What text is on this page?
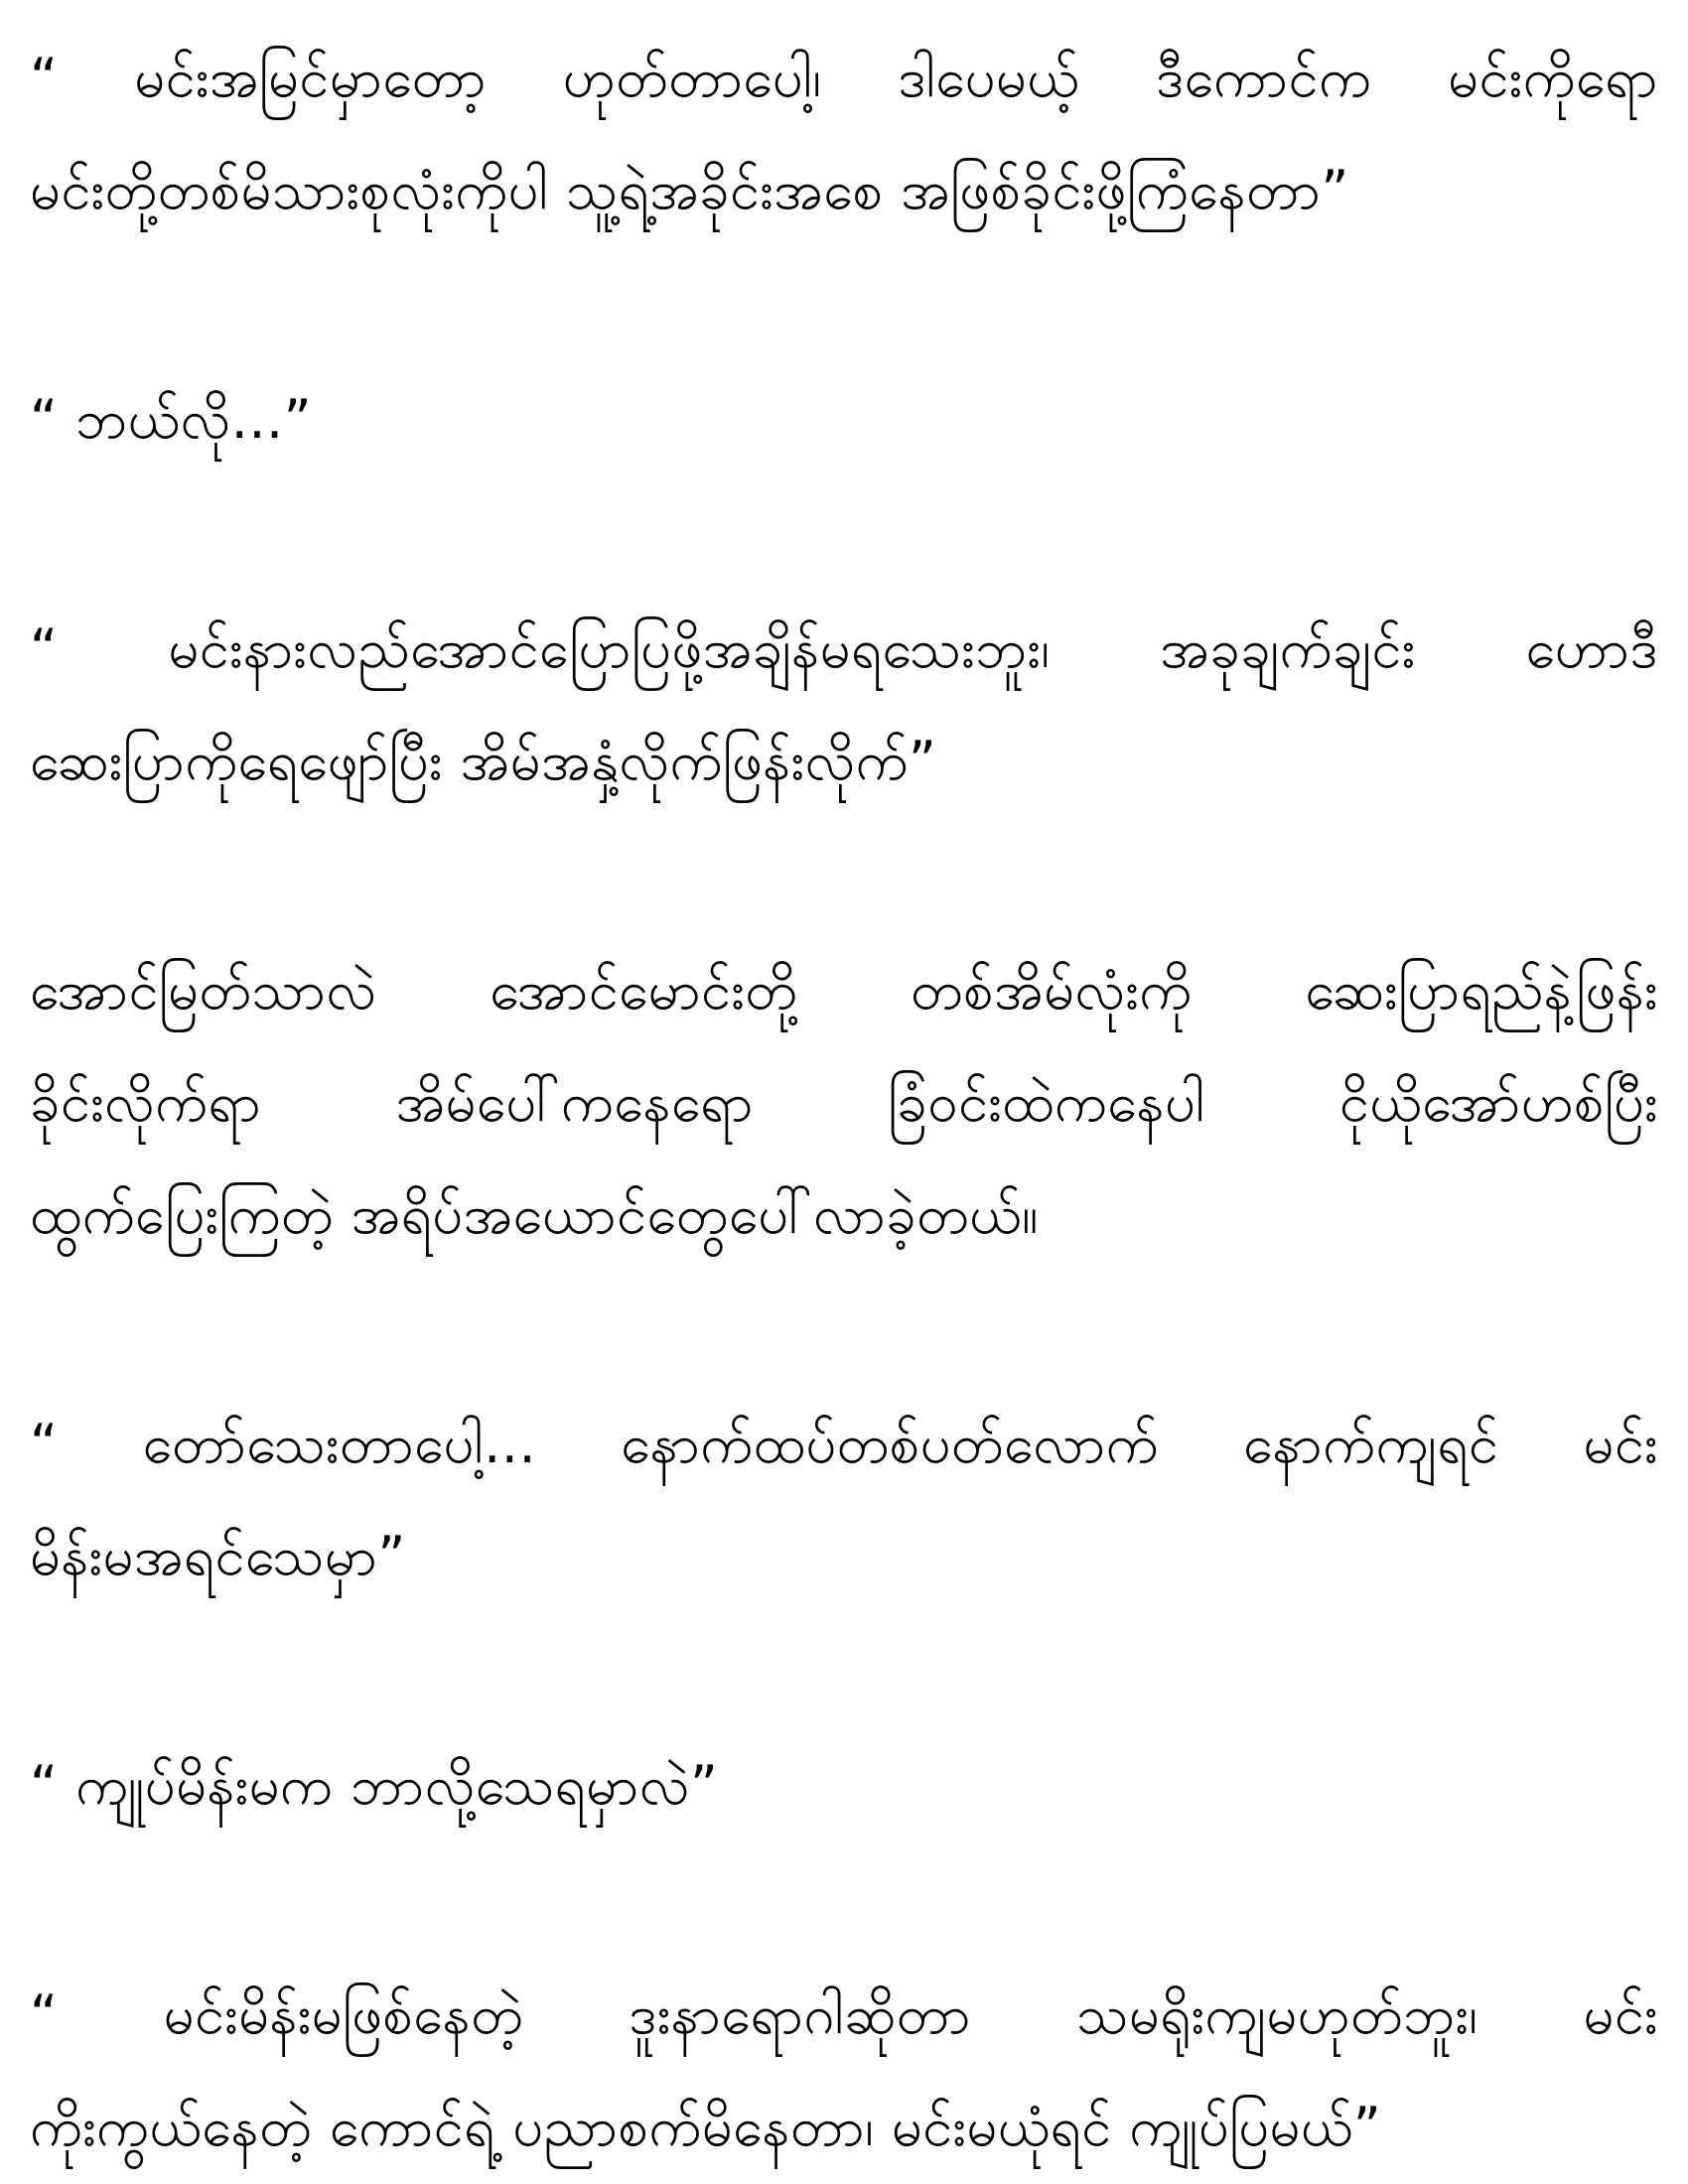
“ မင်းအမြင်မှာတော့ ဟုတ်တာပေါ့၊ ဒါပေမယ့် ဒီကောင်က မင်းကိုရော
မင်းတို့တစ်မိသားစုလုံးကိုပါ သူ့ရဲ့အခိုင်းအစေ အဖြစ်ခိုင်းဖို့ကြံနေတာ”
“ ဘယ်လို...”
“ မင်းနားလည်အောင်ပြောပြဖို့အချိန်မရသေးဘူး၊ အခုချက်ချင်း ဟောဒီ
ဆေးပြာကိုရေဖျော်ပြီး အိမ်အနှံ့လိုက်ဖြန်းလိုက်”
အောင်မြတ်သာလဲ အောင်မောင်းတို့ တစ်အိမ်လုံးကို ဆေးပြာရည်နဲ့ဖြန်း
ခိုင်းလိုက်ရာ အိမ်ပေါ်ကနေရော ခြံဝင်းထဲကနေပါ ငိုယိုအော်ဟစ်ပြီး
ထွက်ပြေးကြတဲ့ အရိပ်အယောင်တွေပေါ်လာခဲ့တယ်။
“ တော်သေးတာပေါ့... နောက်ထပ်တစ်ပတ်လောက် နောက်ကျရင် မင်း
မိန်းမအရင်သေမှာ”
“ ကျုပ်မိန်းမက ဘာလို့သေရမှာလဲ”
“ မင်းမိန်းမဖြစ်နေတဲ့ ဒူးနာရောဂါဆိုတာ သမရိုးကျမဟုတ်ဘူး၊ မင်း
ကိုးကွယ်နေတဲ့ ကောင်ရဲ့ ပညာစက်မိနေတာ၊ မင်းမယုံရင် ကျုပ်ပြမယ်”
